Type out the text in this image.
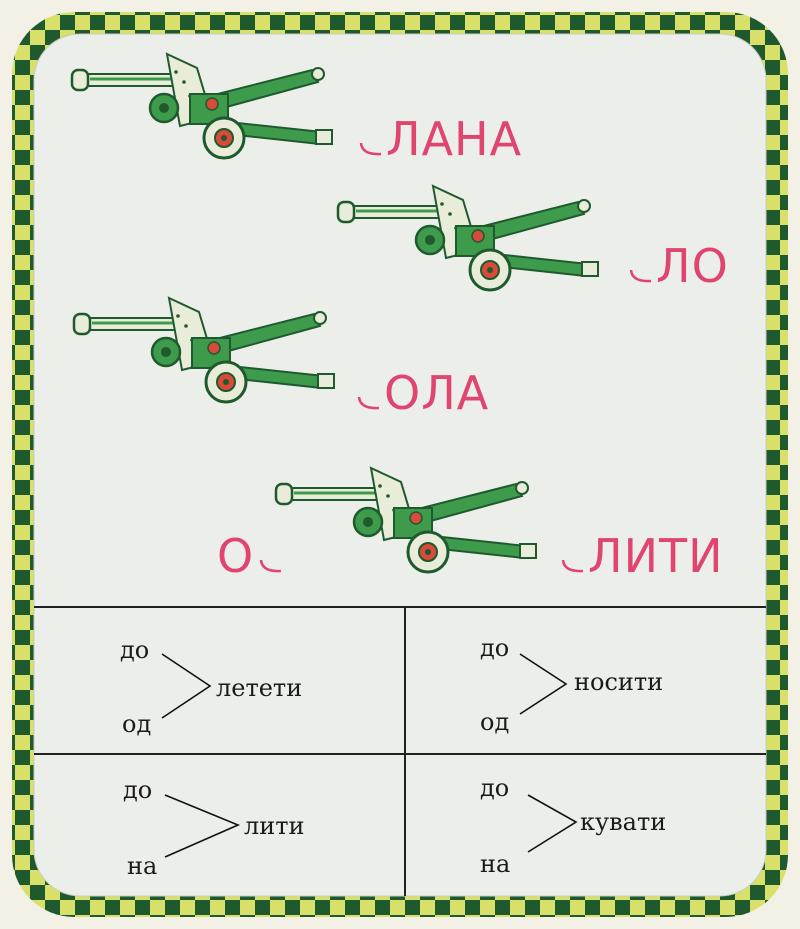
ЛАНА
ЛО
ОЛА
О	ЛИТИ
до
од
летети
до
од
носити
до
на
лити
до
на
кувати
